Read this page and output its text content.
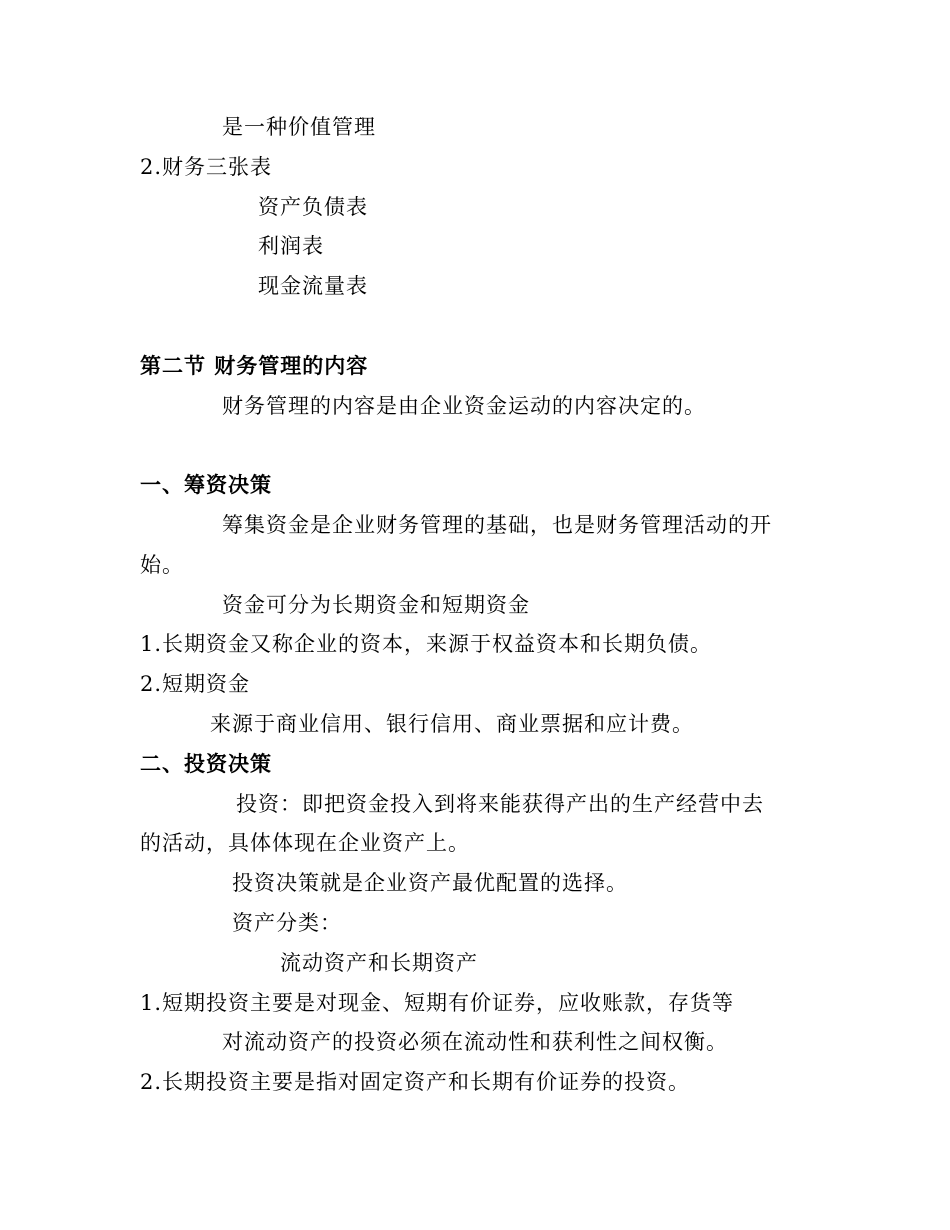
是一种价值管理
2.财务三张表
资产负债表
利润表
现金流量表
第二节 财务管理的内容
财务管理的内容是由企业资金运动的内容决定的。
一、筹资决策
筹集资金是企业财务管理的基础，也是财务管理活动的开
始。
资金可分为长期资金和短期资金
1.长期资金又称企业的资本，来源于权益资本和长期负债。
2.短期资金
来源于商业信用、银行信用、商业票据和应计费。
二、投资决策
投资：即把资金投入到将来能获得产出的生产经营中去
的活动，具体体现在企业资产上。
投资决策就是企业资产最优配置的选择。
资产分类：
流动资产和长期资产
1.短期投资主要是对现金、短期有价证券，应收账款，存货等
对流动资产的投资必须在流动性和获利性之间权衡。
2.长期投资主要是指对固定资产和长期有价证券的投资。
